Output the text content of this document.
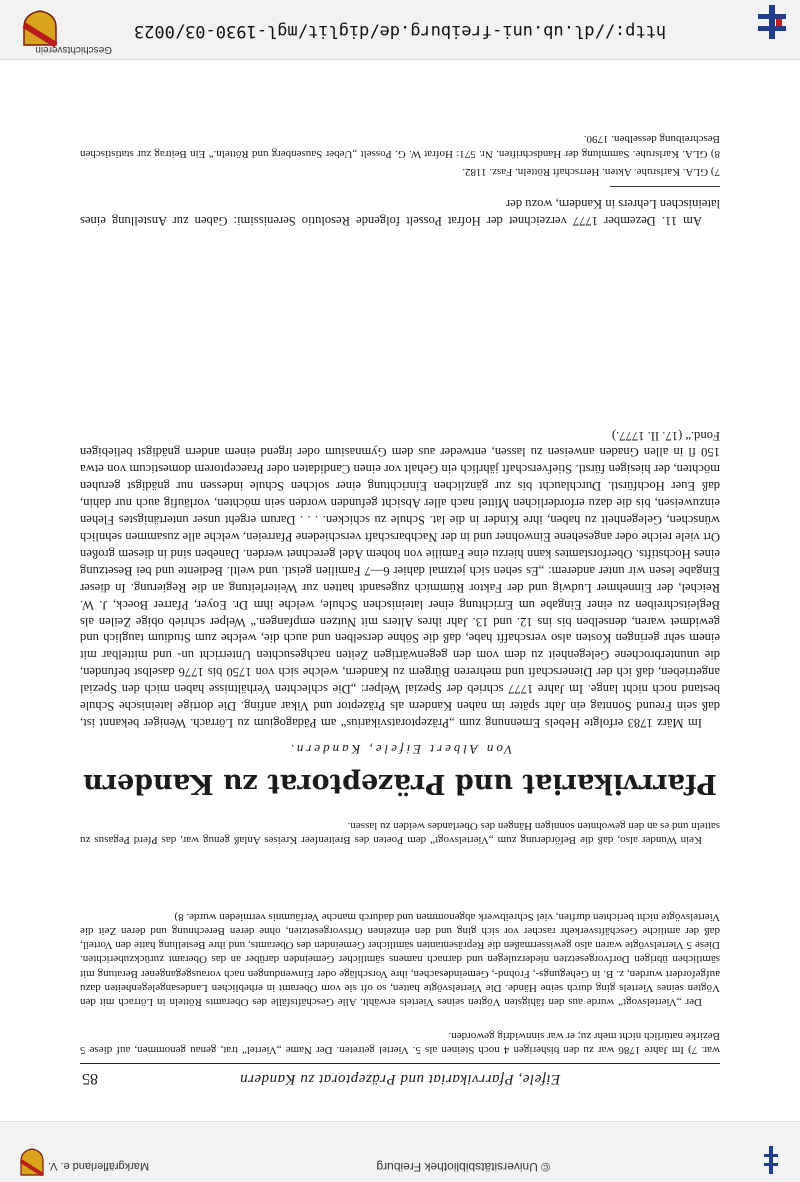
© Universitätsbibliothek Freiburg
Markgräflerland e. V.
Eifele, Pfarrvikariat und Präzeptorat zu Kandern
85
war. 7) Im Jahre 1786 war zu den bisherigen 4 noch Steinen als 5. Viertel getreten. Der Name „Viertel“ trat, genau genommen, auf diese 5 Bezirke natürlich nicht mehr zu; er war sinnwidrig geworden.
Der „Viertelsvogt“ wurde aus den fähigsten Vögten seines Viertels erwählt. Alle Geschäftsfälle des Oberamts Rötteln in Lörrach mit den Vögten seines Viertels ging durch seine Hände. Die Viertelsvögte hatten, so oft sie vom Oberamt in erheblichen Landesangelegenheiten dazu aufgefordert wurden, z. B. in Gehegungs-, Frohnd-, Gemeindesachen, ihre Vorschläge oder Einwendungen nach vorausgegangener Beratung mit sämtlichen übrigen Dorfvorgesetzten niederzulegen und darnach namens sämtlicher Gemeinden darüber an das Oberamt zurückzuberichten. Diese 5 Viertelsvögte waren also gewissermaßen die Repräsentanten sämtlicher Gemeinden des Oberamts, und ihre Bestellung hatte den Vorteil, daß der amtliche Geschäftsverkehr rascher vor sich ging und den einzelnen Ortsvorgesetzten, ohne deren Berechnung und deren Zeit die Viertelsvögte nicht berichten durften, viel Schreibwerk abgenommen und dadurch manche Verfäumnis vermieden wurde. 8)
Kein Wunder also, daß die Beförderung zum „Viertelsvogt“ dem Poeten des Breitenfeer Kreises Anlaß genug war, das Pferd Pegasus zu satteln und es an den gewohnten sonnigen Hängen des Oberlandes weiden zu lassen.
Pfarrvikariat und Präzeptorat zu Kandern
Von Albert Eifele, Kandern.
Im März 1783 erfolgte Hebels Ernennung zum „Präzeptoratsvikarius“ am Pädagogium zu Lörrach. Weniger bekannt ist, daß sein Freund Sonntag ein Jahr später im nahen Kandern als Präzeptor und Vikar anfing. Die dortige lateinische Schule bestand noch nicht lange. Im Jahre 1777 schrieb der Spezial Welper: „Die schlechten Verhältnisse haben mich den Spezial angetrieben, daß ich der Dienerschaft und mehreren Bürgern zu Kandern, welche sich von 1750 bis 1776 daselbst befunden, die ununterbrochene Gelegenheit zu dem vom den gegenwärtigen Zeiten nachgesuchten Unterricht un- und mittelbar mit einem sehr geringen Kosten also verschafft habe, daß die Söhne derselben und auch die, welche zum Studium tauglich und gewidmet waren, denselben bis ins 12. und 13. Jahr ihres Alters mit Nutzen empfangen.“ Welper schrieb obige Zeilen als Begleitschreiben zu einer Eingabe um Errichtung einer lateinischen Schule, welche ihm Dr. Eoyer, Pfarrer Boeck, J. W. Reichel, der Einnehmer Ludwig und der Faktor Rümmich zugesandt hatten zur Weiterleitung an die Regierung. In dieser Eingabe lesen wir unter anderem: „Es sehen sich jetzmal dahier 6—7 Familien geistl. und weltl. Bediente und bei Besetzung eines Hochstifts. Oberforstamtes kann hierzu eine Familie von hohem Adel gerechnet werden. Daneben sind in diesem großen Ort viele reiche oder angesehene Einwohner und in der Nachbarschaft verschiedene Pfarreien, welche alle zusammen sehnlich wünschen, Gelegenheit zu haben, ihre Kinder in die lat. Schule zu schicken. . . . Darum ergeht unser untertänigstes Flehen einzuweisen, bis die dazu erforderlichen Mittel nach aller Absicht gefunden worden sein möchten, vorläufig auch nur dahin, daß Euer Hochfürstl. Durchlaucht bis zur gänzlichen Einrichtung einer solchen Schule indessen nur gnädigst geruhen möchten, der hiesigen fürstl. Stiefverschaft jährlich ein Gehalt vor einen Candidaten oder Praeceptorem domesticum von etwa 150 fl in allen Gnaden anweisen zu lassen, entweder aus dem Gymnasium oder irgend einem andern gnädigst beliebigen Fond.“ (17. II. 1777.)
Am 11. Dezember 1777 verzeichnet der Hofrat Posselt folgende Resolutio Serenissimi: Gaben zur Anstellung eines lateinischen Lehrers in Kandern, wozu der
7) GLA. Karlsruhe. Akten. Herrschaft Rötteln. Fasz. 1182.
8) GLA. Karlsruhe. Sammlung der Handschriften. Nr. 571: Hofrat W. G. Posselt „Ueber Sausenberg und Rötteln.“ Ein Beitrag zur statistischen Beschreibung desselben. 1790.
http://dl.ub.uni-freiburg.de/diglit/mgl-1930-03/0023
Geschichtsverein
